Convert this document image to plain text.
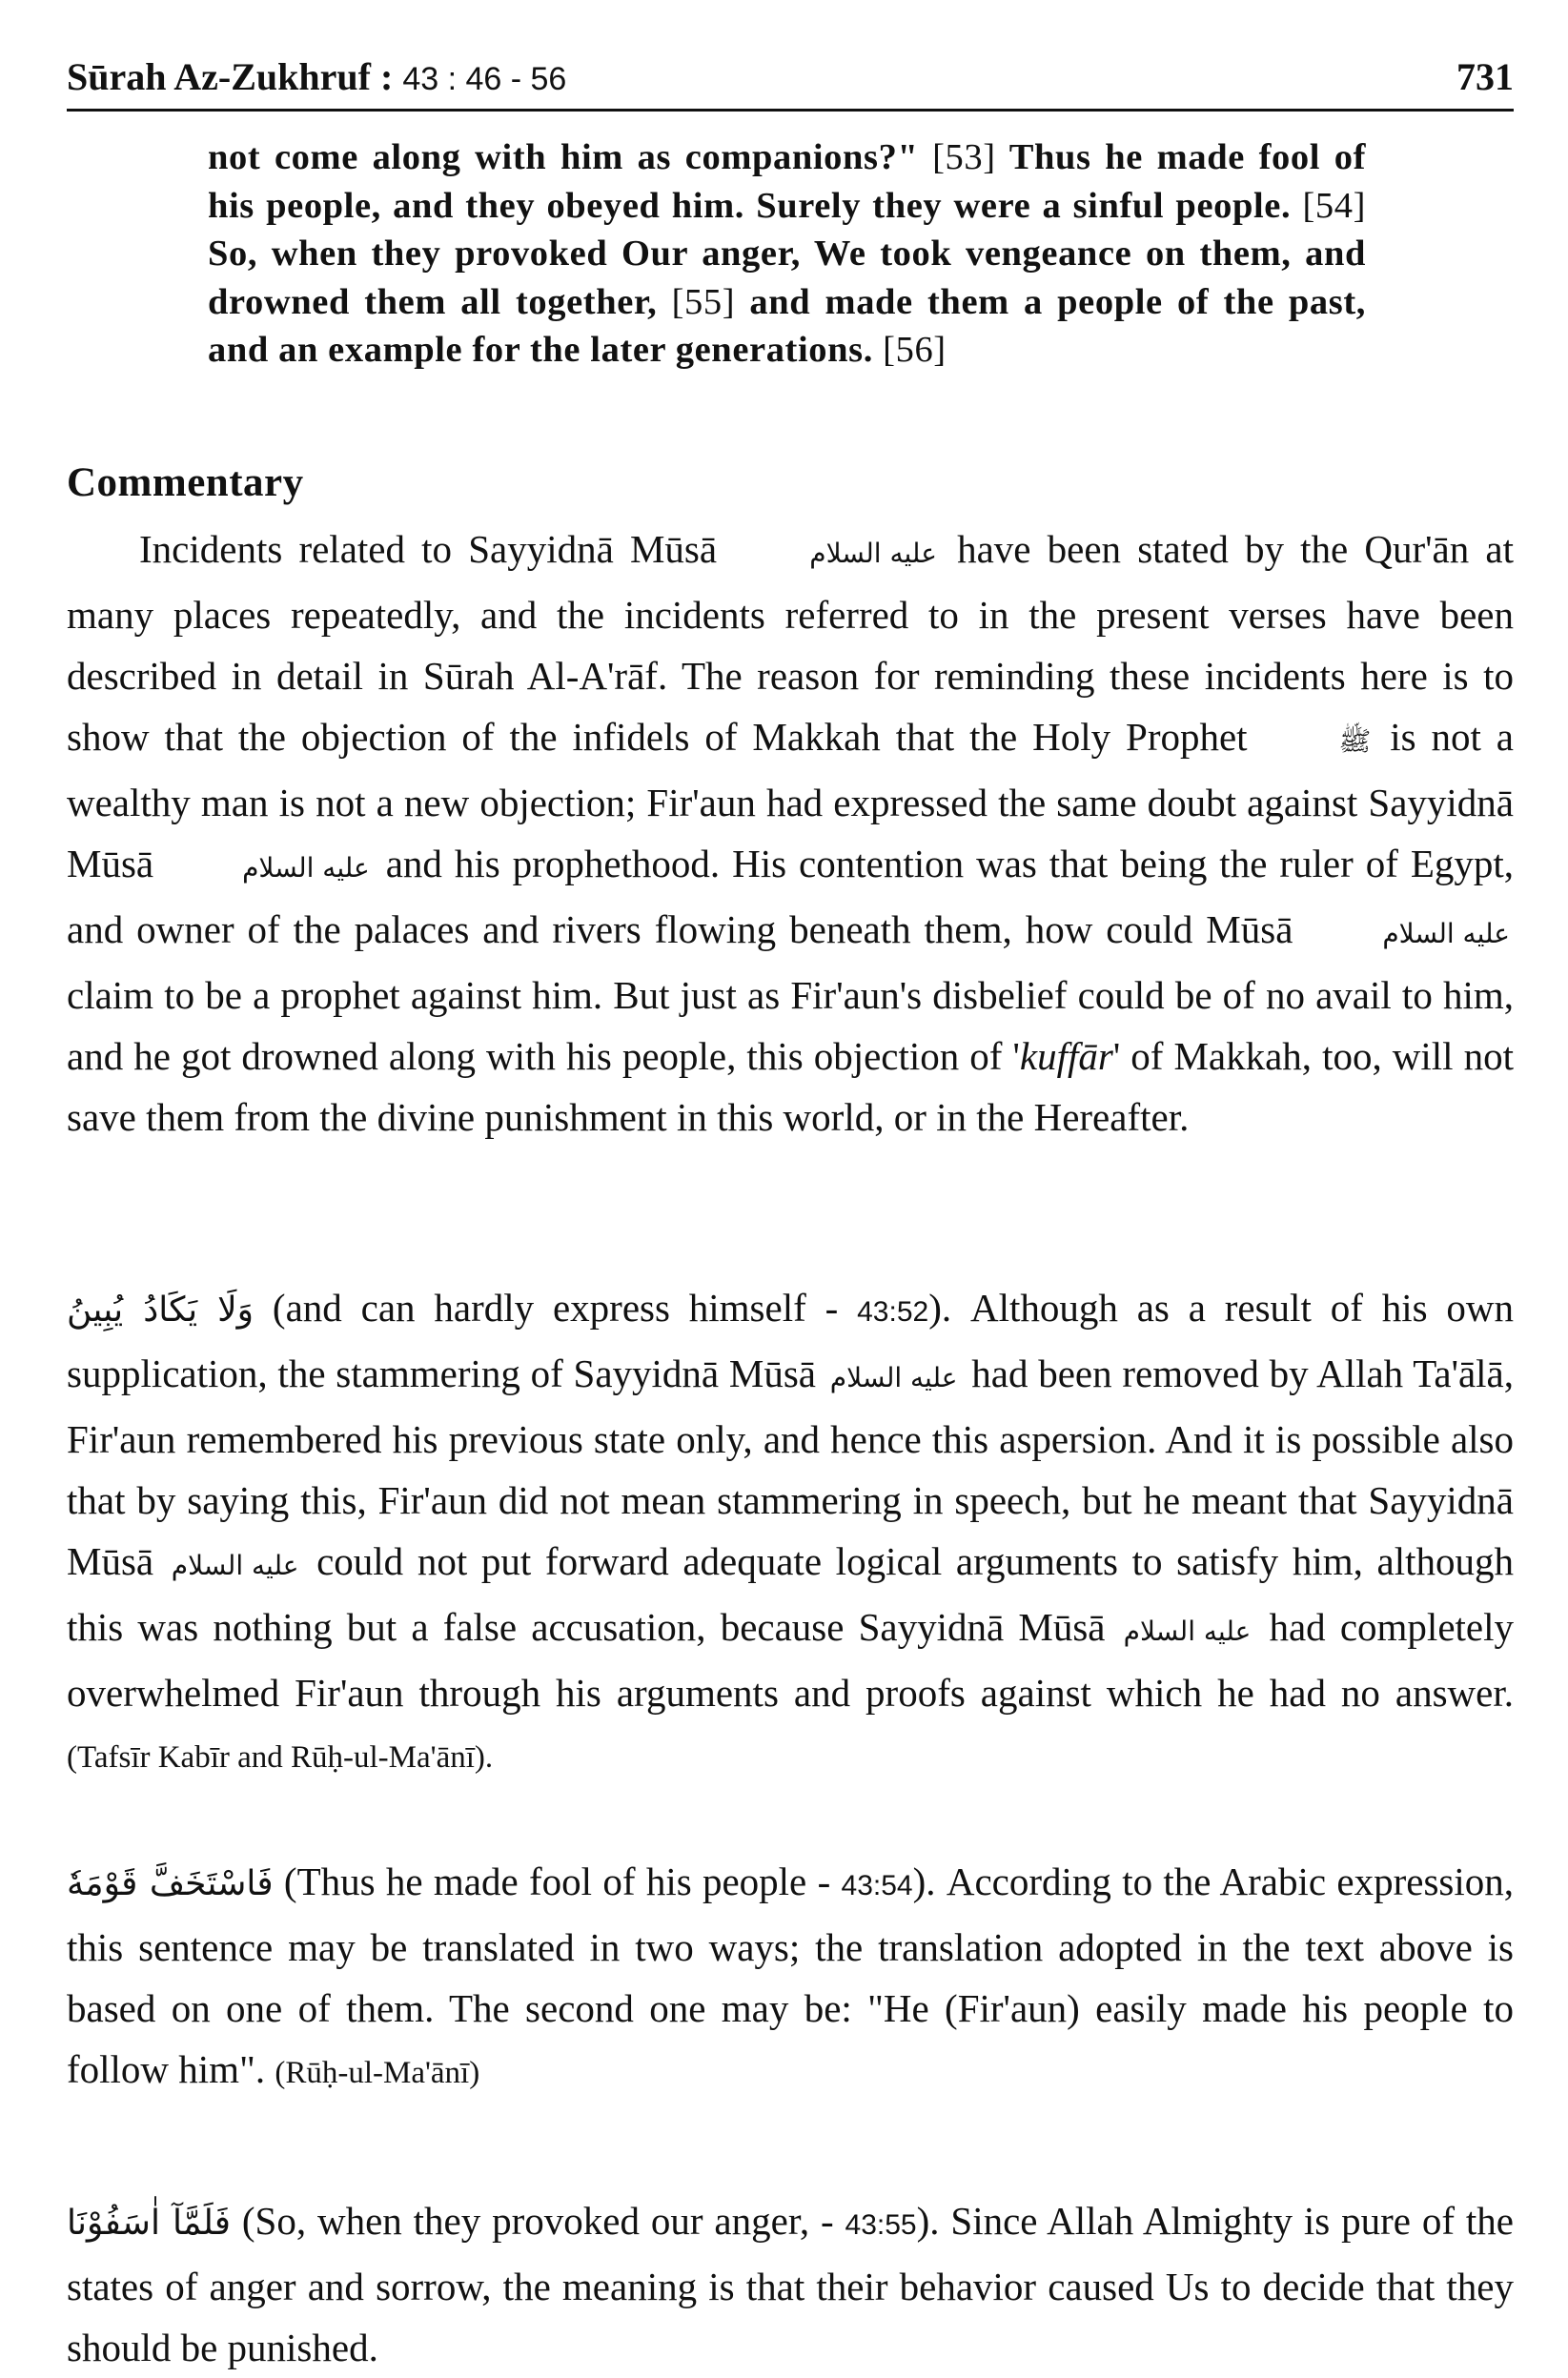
Sūrah Az-Zukhruf : 43 : 46 - 56	731
not come along with him as companions?" [53] Thus he made fool of his people, and they obeyed him. Surely they were a sinful people. [54] So, when they provoked Our anger, We took vengeance on them, and drowned them all together, [55] and made them a people of the past, and an example for the later generations. [56]
Commentary

Incidents related to Sayyidnā Mūsā	عليه السلام have been stated by the Qur'ān at many places repeatedly, and the incidents referred to in the present verses have been described in detail in Sūrah Al-A'rāf. The reason for reminding these incidents here is to show that the objection of the infidels of Makkah that the Holy Prophet	ﷺ is not a wealthy man is not a new objection; Fir'aun had expressed the same doubt against Sayyidnā Mūsā	عليه السلام and his prophethood. His contention was that being the ruler of Egypt, and owner of the palaces and rivers flowing beneath them, how could Mūsā	عليه السلام claim to be a prophet against him. But just as Fir'aun's disbelief could be of no avail to him, and he got drowned along with his people, this objection of 'kuffār' of Makkah, too, will not save them from the divine punishment in this world, or in the Hereafter.

وَلَا يَكَادُ يُبِينُ (and can hardly express himself - 43:52). Although as a result of his own supplication, the stammering of Sayyidnā Mūsā عليه السلام had been removed by Allah Ta'ālā, Fir'aun remembered his previous state only, and hence this aspersion. And it is possible also that by saying this, Fir'aun did not mean stammering in speech, but he meant that Sayyidnā Mūsā عليه السلام could not put forward adequate logical arguments to satisfy him, although this was nothing but a false accusation, because Sayyidnā Mūsā عليه السلام had completely overwhelmed Fir'aun through his arguments and proofs against which he had no answer. (Tafsīr Kabīr and Rūḥ-ul-Ma'ānī).

فَاسْتَخَفَّ قَوْمَهٗ (Thus he made fool of his people - 43:54). According to the Arabic expression, this sentence may be translated in two ways; the translation adopted in the text above is based on one of them. The second one may be: "He (Fir'aun) easily made his people to follow him". (Rūḥ-ul-Ma'ānī)

فَلَمَّآ اٰسَفُوْنَا (So, when they provoked our anger, - 43:55). Since Allah Almighty is pure of the states of anger and sorrow, the meaning is that their behavior caused Us to decide that they should be punished.
